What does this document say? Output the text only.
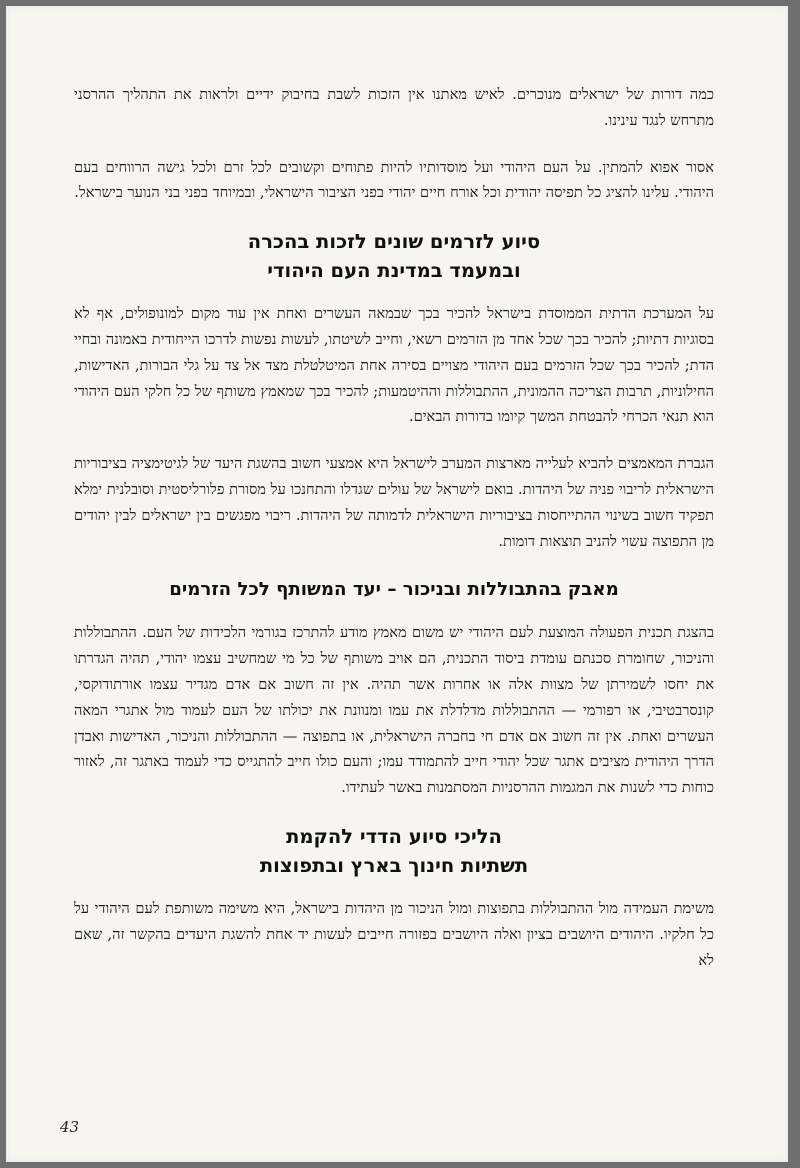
כמה דורות של ישראלים מנוכרים. לאיש מאתנו אין הזכות לשבת בחיבוק ידיים ולראות את התהליך ההרסני מתרחש לנגד עינינו.

אסור אפוא להמתין. על העם היהודי ועל מוסדותיו להיות פתוחים וקשובים לכל זרם ולכל גישה הרווחים בעם היהודי. עלינו להציג כל תפיסה יהודית וכל אורח חיים יהודי בפני הציבור הישראלי, ובמיוחד בפני בני הנוער בישראל.

סיוע לזרמים שונים לזכות בהכרה
ובמעמד במדינת העם היהודי

על המערכת הדתית הממוסדת בישראל להכיר בכך שבמאה העשרים ואחת אין עוד מקום למונופולים, אף לא בסוגיות דתיות; להכיר בכך שכל אחד מן הזרמים רשאי, וחייב לשיטתו, לעשות נפשות לדרכו הייחודית באמונה ובחיי הדת; להכיר בכך שכל הזרמים בעם היהודי מצויים בסירה אחת המיטלטלת מצד אל צד על גלי הבורות, האדישות, החילוניות, תרבות הצריכה ההמונית, ההתבוללות וההיטמעות; להכיר בכך שמאמץ משותף של כל חלקי העם היהודי הוא תנאי הכרחי להבטחת המשך קיומו בדורות הבאים.

הגברת המאמצים להביא לעלייה מארצות המערב לישראל היא אמצעי חשוב בהשגת היעד של לגיטימציה בציבוריות הישראלית לריבוי פניה של היהדות. בואם לישראל של עולים שגדלו והתחנכו על מסורת פלורליסטית וסובלנית ימלא תפקיד חשוב בשינוי ההתייחסות בציבוריות הישראלית לדמותה של היהדות. ריבוי מפגשים בין ישראלים לבין יהודים מן התפוצה עשוי להניב תוצאות דומות.

מאבק בהתבוללות ובניכור – יעד המשותף לכל הזרמים

בהצגת תכנית הפעולה המוצעת לעם היהודי יש משום מאמץ מודע להתרכז בגורמי הלכידות של העם. ההתבוללות והניכור, שחומרת סכנתם עומדת ביסוד התכנית, הם אויב משותף של כל מי שמחשיב עצמו יהודי, תהיה הגדרתו את יחסו לשמירתן של מצוות אלה או אחרות אשר תהיה. אין זה חשוב אם אדם מגדיר עצמו אורתודוקסי, קונסרבטיבי, או רפורמי — ההתבוללות מדלדלת את עמו ומנוונת את יכולתו של העם לעמוד מול אתגרי המאה העשרים ואחת. אין זה חשוב אם אדם חי בחברה הישראלית, או בתפוצה — ההתבוללות והניכור, האדישות ואבדן הדרך היהודית מציבים אתגר שכל יהודי חייב להתמודד עמו; והעם כולו חייב להתגייס כדי לעמוד באתגר זה, לאזור כוחות כדי לשנות את המגמות ההרסניות המסתמנות באשר לעתידו.

הליכי סיוע הדדי להקמת
תשתיות חינוך בארץ ובתפוצות

משימת העמידה מול ההתבוללות בתפוצות ומול הניכור מן היהדות בישראל, היא משימה משותפת לעם היהודי על כל חלקיו. היהודים היושבים בציון ואלה היושבים בפזורה חייבים לעשות יד אחת להשגת היעדים בהקשר זה, שאם לא

43
